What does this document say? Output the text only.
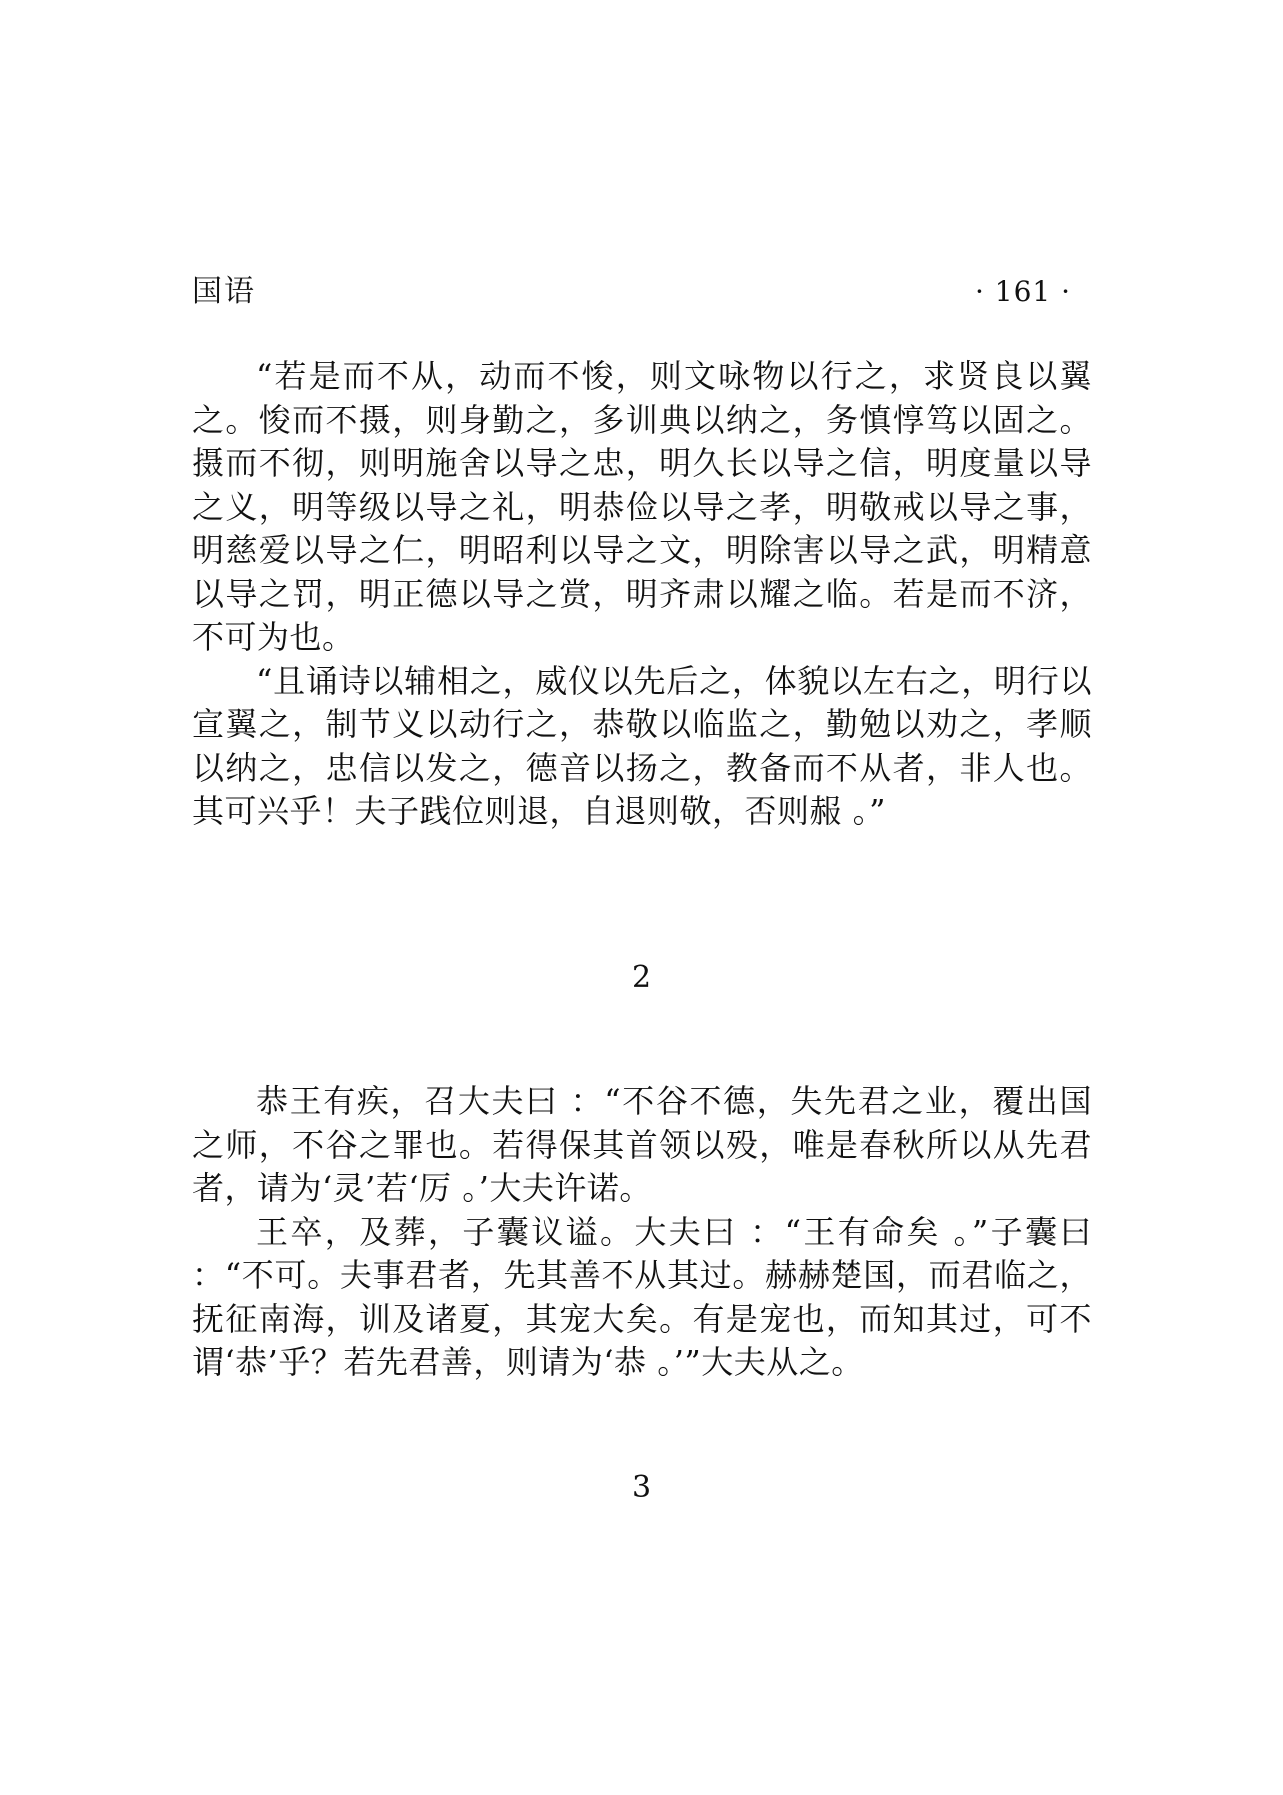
国语	· 161 ·

“若是而不从，动而不悛，则文咏物以行之，求贤良以翼之。悛而不摄，则身勤之，多训典以纳之，务慎惇笃以固之。摄而不彻，则明施舍以导之忠，明久长以导之信，明度量以导之义，明等级以导之礼，明恭俭以导之孝，明敬戒以导之事，明慈爱以导之仁，明昭利以导之文，明除害以导之武，明精意以导之罚，明正德以导之赏，明齐肃以耀之临。若是而不济，不可为也。

“且诵诗以辅相之，威仪以先后之，体貌以左右之，明行以宣翼之，制节义以动行之，恭敬以临监之，勤勉以劝之，孝顺以纳之，忠信以发之，德音以扬之，教备而不从者，非人也。其可兴乎！夫子践位则退，自退则敬，否则赧 。”

2

恭王有疾，召大夫曰 ：“不谷不德，失先君之业，覆出国之师，不谷之罪也。若得保其首领以殁，唯是春秋所以从先君者，请为‘灵’若‘厉 。’大夫许诺。

王卒，及葬，子囊议谥。大夫曰 ：“王有命矣 。”子囊曰 ：“不可。夫事君者，先其善不从其过。赫赫楚国，而君临之，抚征南海，训及诸夏，其宠大矣。有是宠也，而知其过，可不谓‘恭’乎？若先君善，则请为‘恭 。’”大夫从之。

3
